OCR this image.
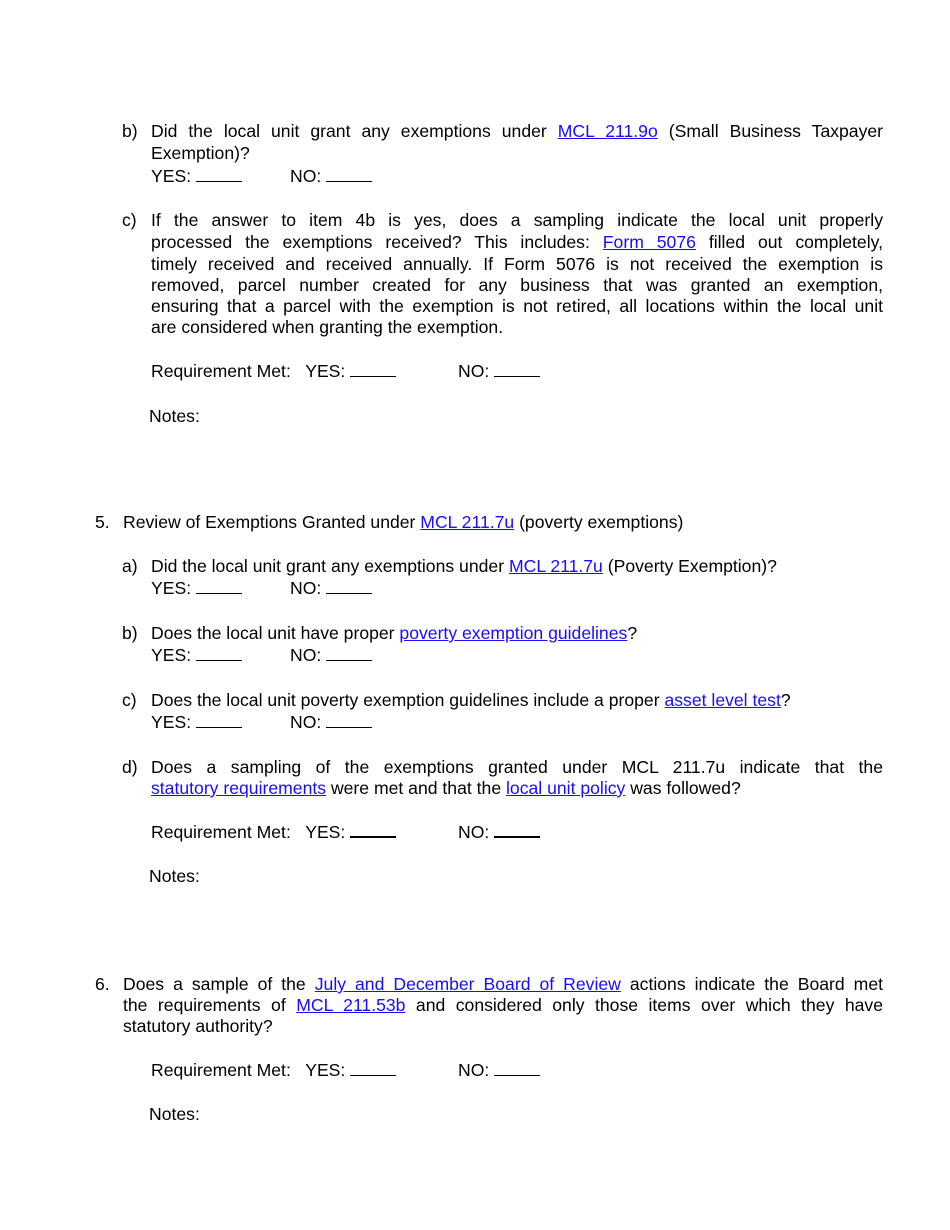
b) Did the local unit grant any exemptions under MCL 211.9o (Small Business Taxpayer
Exemption)?
YES:	NO:
c) If the answer to item 4b is yes, does a sampling indicate the local unit properly
processed the exemptions received? This includes: Form 5076 filled out completely,
timely received and received annually. If Form 5076 is not received the exemption is
removed, parcel number created for any business that was granted an exemption,
ensuring that a parcel with the exemption is not retired, all locations within the local unit
are considered when granting the exemption.
Requirement Met: YES:	NO:
Notes:
5. Review of Exemptions Granted under MCL 211.7u (poverty exemptions)
a) Did the local unit grant any exemptions under MCL 211.7u (Poverty Exemption)?
YES:	NO:
b) Does the local unit have proper poverty exemption guidelines?
YES:	NO:
c) Does the local unit poverty exemption guidelines include a proper asset level test?
YES:	NO:
d) Does a sampling of the exemptions granted under MCL 211.7u indicate that the
statutory requirements were met and that the local unit policy was followed?
Requirement Met: YES:	NO:
Notes:
6. Does a sample of the July and December Board of Review actions indicate the Board met
the requirements of MCL 211.53b and considered only those items over which they have
statutory authority?
Requirement Met: YES:	NO:
Notes:
